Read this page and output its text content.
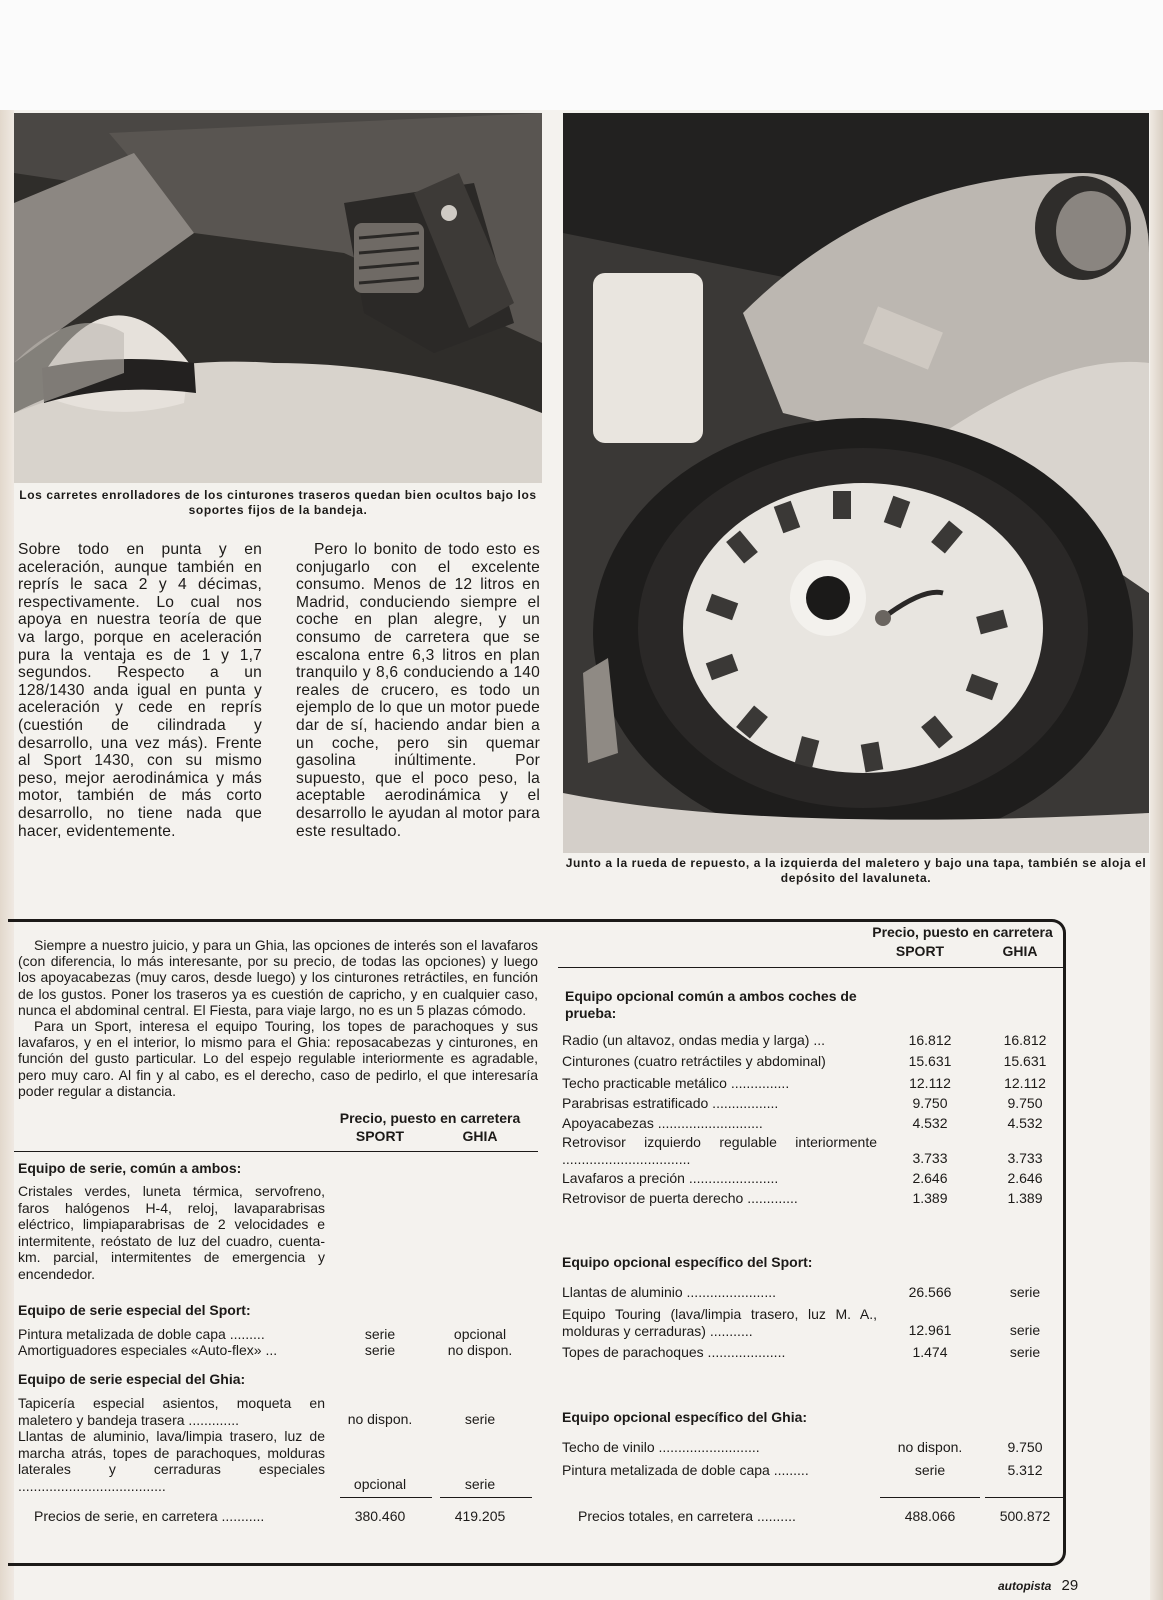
Los carretes enrolladores de los cinturones traseros quedan bien ocultos bajo los soportes fijos de la bandeja.
Junto a la rueda de repuesto, a la izquierda del maletero y bajo una tapa, también se aloja el depósito del lavaluneta.
Sobre todo en punta y en aceleración, aunque también en reprís le saca 2 y 4 décimas, respectivamente. Lo cual nos apoya en nuestra teoría de que va largo, porque en aceleración pura la ventaja es de 1 y 1,7 segundos. Respecto a un 128/1430 anda igual en punta y aceleración y cede en reprís (cuestión de cilindrada y desarrollo, una vez más). Frente al Sport 1430, con su mismo peso, mejor aerodinámica y más motor, también de más corto desarrollo, no tiene nada que hacer, evidentemente.
Pero lo bonito de todo esto es conjugarlo con el excelente consumo. Menos de 12 litros en Madrid, conduciendo siempre el coche en plan alegre, y un consumo de carretera que se escalona entre 6,3 litros en plan tranquilo y 8,6 conduciendo a 140 reales de crucero, es todo un ejemplo de lo que un motor puede dar de sí, haciendo andar bien a un coche, pero sin quemar gasolina inúltimente. Por supuesto, que el poco peso, la aceptable aerodinámica y el desarrollo le ayudan al motor para este resultado.

Siempre a nuestro juicio, y para un Ghia, las opciones de interés son el lavafaros (con diferencia, lo más interesante, por su precio, de todas las opciones) y luego los apoyacabezas (muy caros, desde luego) y los cinturones retráctiles, en función de los gustos. Poner los traseros ya es cuestión de capricho, y en cualquier caso, nunca el abdominal central. El Fiesta, para viaje largo, no es un 5 plazas cómodo.

Para un Sport, interesa el equipo Touring, los topes de parachoques y sus lavafaros, y en el interior, lo mismo para el Ghia: reposacabezas y cinturones, en función del gusto particular. Lo del espejo regulable interiormente es agradable, pero muy caro. Al fin y al cabo, es el derecho, caso de pedirlo, el que interesaría poder regular a distancia.

Precio, puesto en carretera
SPORT	GHIA
Equipo de serie, común a ambos:
Cristales verdes, luneta térmica, servofreno, faros halógenos H-4, reloj, lavaparabrisas eléctrico, limpiaparabrisas de 2 velocidades e intermitente, reóstato de luz del cuadro, cuenta-km. parcial, intermitentes de emergencia y encendedor.
Equipo de serie especial del Sport:
Pintura metalizada de doble capa .........	serie	opcional
Amortiguadores especiales «Auto-flex» ...	serie	no dispon.
Equipo de serie especial del Ghia:
Tapicería especial asientos, moqueta en maletero y bandeja trasera .............	no dispon.	serie
Llantas de aluminio, lava/limpia trasero, luz de marcha atrás, topes de parachoques, molduras laterales y cerraduras especiales ......................................	opcional	serie
Precios de serie, en carretera ...........	380.460	419.205
Precio, puesto en carretera
SPORT	GHIA
Equipo opcional común a ambos coches de prueba:
Radio (un altavoz, ondas media y larga) ...	16.812	16.812
Cinturones (cuatro retráctiles y abdominal)	15.631	15.631
Techo practicable metálico ...............	12.112	12.112
Parabrisas estratificado .................	9.750	9.750
Apoyacabezas ...........................	4.532	4.532
Retrovisor izquierdo regulable interiormente .................................	3.733	3.733
Lavafaros a preción .......................	2.646	2.646
Retrovisor de puerta derecho .............	1.389	1.389
Equipo opcional específico del Sport:
Llantas de aluminio .......................	26.566	serie
Equipo Touring (lava/limpia trasero, luz M. A., molduras y cerraduras) ...........	12.961	serie
Topes de parachoques ....................	1.474	serie
Equipo opcional específico del Ghia:
Techo de vinilo ..........................	no dispon.	9.750
Pintura metalizada de doble capa .........	serie	5.312
Precios totales, en carretera ..........	488.066	500.872
autopista 29
